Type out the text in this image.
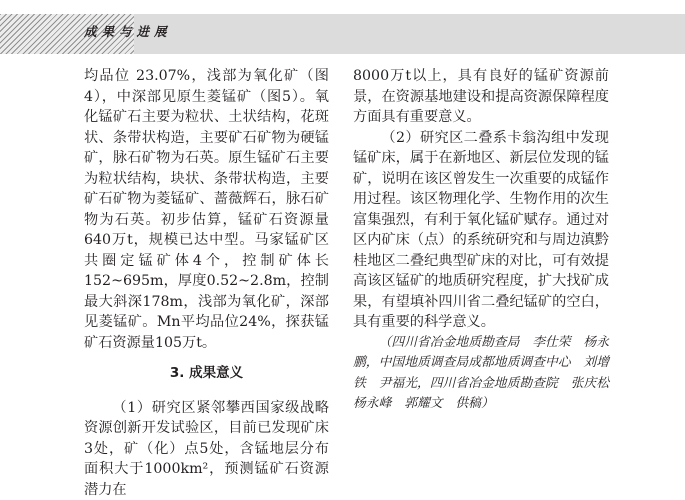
成果与进展

均品位 23.07%，浅部为氧化矿（图4），中深部见原生菱锰矿（图5）。氧化锰矿石主要为粒状、土状结构，花斑状、条带状构造，主要矿石矿物为硬锰矿，脉石矿物为石英。原生锰矿石主要为粒状结构，块状、条带状构造，主要矿石矿物为菱锰矿、蔷薇辉石，脉石矿物为石英。初步估算，锰矿石资源量640万t，规模已达中型。马家锰矿区共圈定锰矿体4个，控制矿体长152~695m，厚度0.52~2.8m，控制最大斜深178m，浅部为氧化矿，深部见菱锰矿。Mn平均品位24%，探获锰矿石资源量105万t。

3. 成果意义

（1）研究区紧邻攀西国家级战略资源创新开发试验区，目前已发现矿床3处，矿（化）点5处，含锰地层分布面积大于1000km²，预测锰矿石资源潜力在

8000万t以上，具有良好的锰矿资源前景，在资源基地建设和提高资源保障程度方面具有重要意义。

（2）研究区二叠系卡翁沟组中发现锰矿床，属于在新地区、新层位发现的锰矿，说明在该区曾发生一次重要的成锰作用过程。该区物理化学、生物作用的次生富集强烈，有利于氧化锰矿赋存。通过对区内矿床（点）的系统研究和与周边滇黔桂地区二叠纪典型矿床的对比，可有效提高该区锰矿的地质研究程度，扩大找矿成果，有望填补四川省二叠纪锰矿的空白，具有重要的科学意义。

（四川省冶金地质勘查局　李仕荣　杨永鹏，中国地质调查局成都地质调查中心　刘增铁　尹福光，四川省冶金地质勘查院　张庆松　杨永峰　郭耀文　供稿）
